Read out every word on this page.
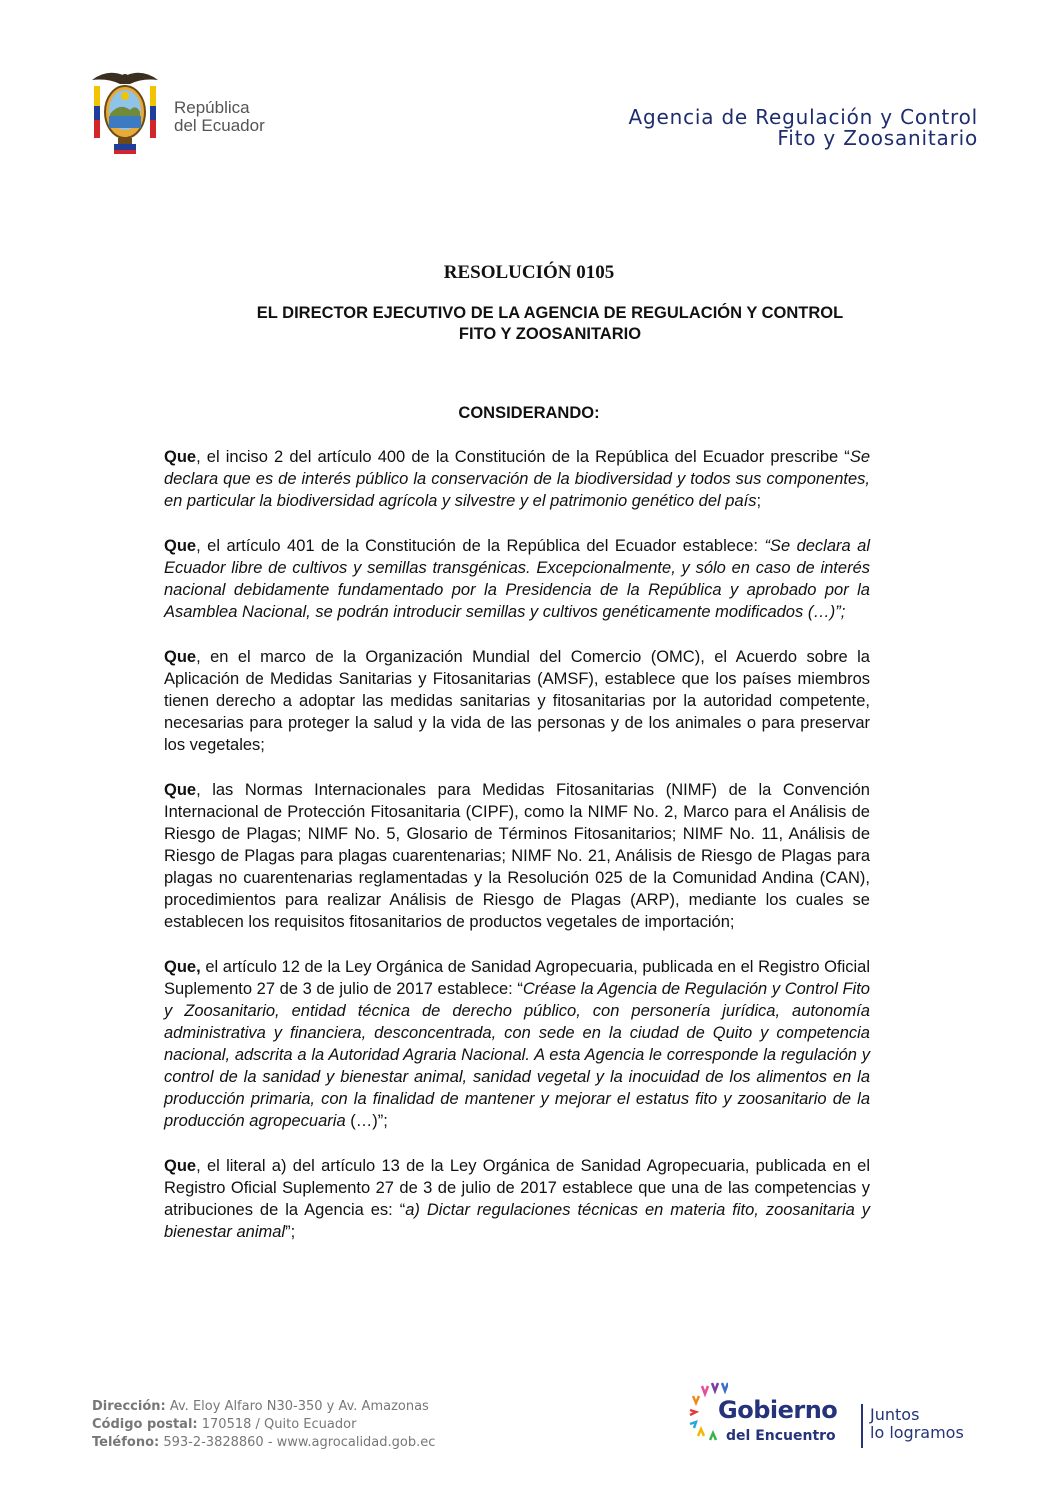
República
del Ecuador	Agencia de Regulación y Control
Fito y Zoosanitario
RESOLUCIÓN 0105
EL DIRECTOR EJECUTIVO DE LA AGENCIA DE REGULACIÓN Y CONTROL
FITO Y ZOOSANITARIO
CONSIDERANDO:

Que, el inciso 2 del artículo 400 de la Constitución de la República del Ecuador prescribe “Se declara que es de interés público la conservación de la biodiversidad y todos sus componentes, en particular la biodiversidad agrícola y silvestre y el patrimonio genético del país;

Que, el artículo 401 de la Constitución de la República del Ecuador establece: “Se declara al Ecuador libre de cultivos y semillas transgénicas. Excepcionalmente, y sólo en caso de interés nacional debidamente fundamentado por la Presidencia de la República y aprobado por la Asamblea Nacional, se podrán introducir semillas y cultivos genéticamente modificados (…)”;

Que, en el marco de la Organización Mundial del Comercio (OMC), el Acuerdo sobre la Aplicación de Medidas Sanitarias y Fitosanitarias (AMSF), establece que los países miembros tienen derecho a adoptar las medidas sanitarias y fitosanitarias por la autoridad competente, necesarias para proteger la salud y la vida de las personas y de los animales o para preservar los vegetales;

Que, las Normas Internacionales para Medidas Fitosanitarias (NIMF) de la Convención Internacional de Protección Fitosanitaria (CIPF), como la NIMF No. 2, Marco para el Análisis de Riesgo de Plagas; NIMF No. 5, Glosario de Términos Fitosanitarios; NIMF No. 11, Análisis de Riesgo de Plagas para plagas cuarentenarias; NIMF No. 21, Análisis de Riesgo de Plagas para plagas no cuarentenarias reglamentadas y la Resolución 025 de la Comunidad Andina (CAN), procedimientos para realizar Análisis de Riesgo de Plagas (ARP), mediante los cuales se establecen los requisitos fitosanitarios de productos vegetales de importación;

Que, el artículo 12 de la Ley Orgánica de Sanidad Agropecuaria, publicada en el Registro Oficial Suplemento 27 de 3 de julio de 2017 establece: “Créase la Agencia de Regulación y Control Fito y Zoosanitario, entidad técnica de derecho público, con personería jurídica, autonomía administrativa y financiera, desconcentrada, con sede en la ciudad de Quito y competencia nacional, adscrita a la Autoridad Agraria Nacional. A esta Agencia le corresponde la regulación y control de la sanidad y bienestar animal, sanidad vegetal y la inocuidad de los alimentos en la producción primaria, con la finalidad de mantener y mejorar el estatus fito y zoosanitario de la producción agropecuaria (…)”;

Que, el literal a) del artículo 13 de la Ley Orgánica de Sanidad Agropecuaria, publicada en el Registro Oficial Suplemento 27 de 3 de julio de 2017 establece que una de las competencias y atribuciones de la Agencia es: “a) Dictar regulaciones técnicas en materia fito, zoosanitaria y bienestar animal”;

Dirección: Av. Eloy Alfaro N30-350 y Av. Amazonas
Código postal: 170518 / Quito Ecuador
Teléfono: 593-2-3828860 - www.agrocalidad.gob.ec
Gobierno
del Encuentro
Juntos
lo logramos
